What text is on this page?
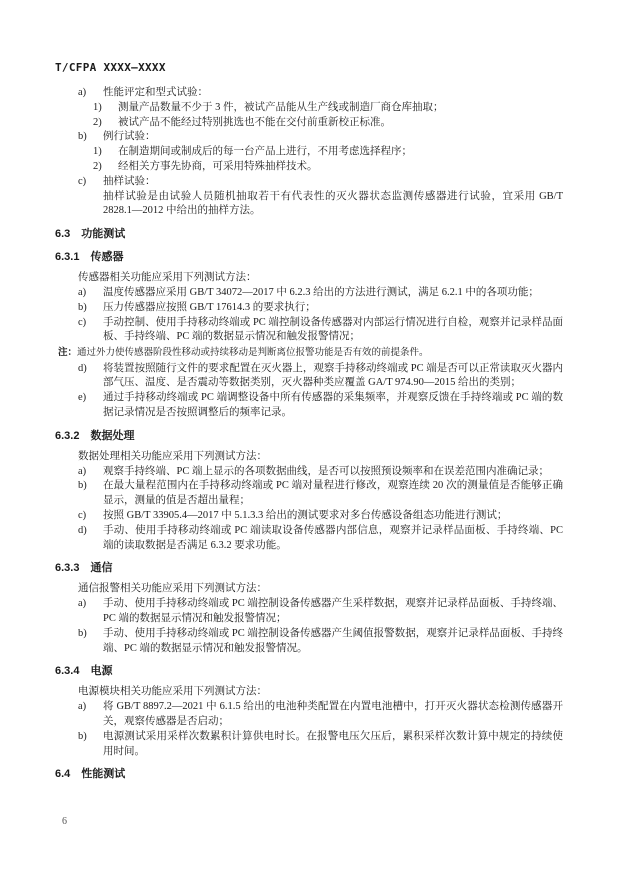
T/CFPA XXXX—XXXX
a)	性能评定和型式试验：
1)	测量产品数量不少于 3 件，被试产品能从生产线或制造厂商仓库抽取；
2)	被试产品不能经过特别挑选也不能在交付前重新校正标准。
b)	例行试验：
1)	在制造期间或制成后的每一台产品上进行，不用考虑选择程序；
2)	经相关方事先协商，可采用特殊抽样技术。
c)	抽样试验：
抽样试验是由试验人员随机抽取若干有代表性的灭火器状态监测传感器进行试验，宜采用 GB/T 2828.1—2012 中给出的抽样方法。
6.3 功能测试
6.3.1 传感器
传感器相关功能应采用下列测试方法：
a)	温度传感器应采用 GB/T 34072—2017 中 6.2.3 给出的方法进行测试，满足 6.2.1 中的各项功能；
b)	压力传感器应按照 GB/T 17614.3 的要求执行；
c)	手动控制、使用手持移动终端或 PC 端控制设备传感器对内部运行情况进行自检，观察并记录样品面板、手持终端、PC 端的数据显示情况和触发报警情况；
注：通过外力使传感器阶段性移动或持续移动是判断离位报警功能是否有效的前提条件。
d)	将装置按照随行文件的要求配置在灭火器上，观察手持移动终端或 PC 端是否可以正常读取灭火器内部气压、温度、是否震动等数据类别，灭火器种类应覆盖 GA/T 974.90—2015 给出的类别；
e)	通过手持移动终端或 PC 端调整设备中所有传感器的采集频率，并观察反馈在手持终端或 PC 端的数据记录情况是否按照调整后的频率记录。
6.3.2 数据处理
数据处理相关功能应采用下列测试方法：
a)	观察手持终端、PC 端上显示的各项数据曲线，是否可以按照预设频率和在误差范围内准确记录；
b)	在最大量程范围内在手持移动终端或 PC 端对量程进行修改，观察连续 20 次的测量值是否能够正确显示，测量的值是否超出量程；
c)	按照 GB/T 33905.4—2017 中 5.1.3.3 给出的测试要求对多台传感设备组态功能进行测试；
d)	手动、使用手持移动终端或 PC 端读取设备传感器内部信息，观察并记录样品面板、手持终端、PC 端的读取数据是否满足 6.3.2 要求功能。
6.3.3 通信
通信报警相关功能应采用下列测试方法：
a)	手动、使用手持移动终端或 PC 端控制设备传感器产生采样数据，观察并记录样品面板、手持终端、PC 端的数据显示情况和触发报警情况；
b)	手动、使用手持移动终端或 PC 端控制设备传感器产生阈值报警数据，观察并记录样品面板、手持终端、PC 端的数据显示情况和触发报警情况。
6.3.4 电源
电源模块相关功能应采用下列测试方法：
a)	将 GB/T 8897.2—2021 中 6.1.5 给出的电池种类配置在内置电池槽中，打开灭火器状态检测传感器开关，观察传感器是否启动；
b)	电源测试采用采样次数累积计算供电时长。在报警电压欠压后，累积采样次数计算中规定的持续使用时间。
6.4 性能测试
6
